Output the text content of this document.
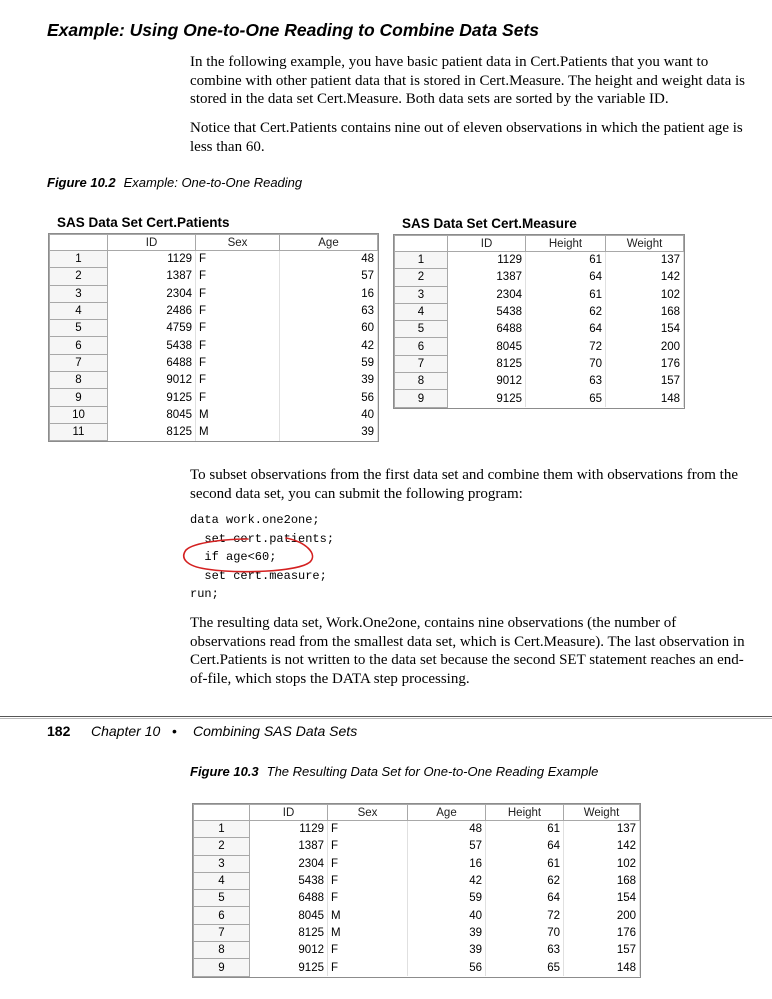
Example: Using One-to-One Reading to Combine Data Sets
In the following example, you have basic patient data in Cert.Patients that you want to combine with other patient data that is stored in Cert.Measure. The height and weight data is stored in the data set Cert.Measure. Both data sets are sorted by the variable ID.
Notice that Cert.Patients contains nine out of eleven observations in which the patient age is less than 60.
Figure 10.2 Example: One-to-One Reading
SAS Data Set Cert.Patients
	ID	Sex	Age
1	1129	F	48
2	1387	F	57
3	2304	F	16
4	2486	F	63
5	4759	F	60
6	5438	F	42
7	6488	F	59
8	9012	F	39
9	9125	F	56
10	8045	M	40
11	8125	M	39
SAS Data Set Cert.Measure
	ID	Height	Weight
1	1129	61	137
2	1387	64	142
3	2304	61	102
4	5438	62	168
5	6488	64	154
6	8045	72	200
7	8125	70	176
8	9012	63	157
9	9125	65	148
To subset observations from the first data set and combine them with observations from the second data set, you can submit the following program:
data work.one2one;
set cert.patients;
if age<60;
set cert.measure;
run;
The resulting data set, Work.One2one, contains nine observations (the number of observations read from the smallest data set, which is Cert.Measure). The last observation in Cert.Patients is not written to the data set because the second SET statement reaches an end-of-file, which stops the DATA step processing.
182 Chapter 10 • Combining SAS Data Sets
Figure 10.3 The Resulting Data Set for One-to-One Reading Example
	ID	Sex	Age	Height	Weight
1	1129	F	48	61	137
2	1387	F	57	64	142
3	2304	F	16	61	102
4	5438	F	42	62	168
5	6488	F	59	64	154
6	8045	M	40	72	200
7	8125	M	39	70	176
8	9012	F	39	63	157
9	9125	F	56	65	148
